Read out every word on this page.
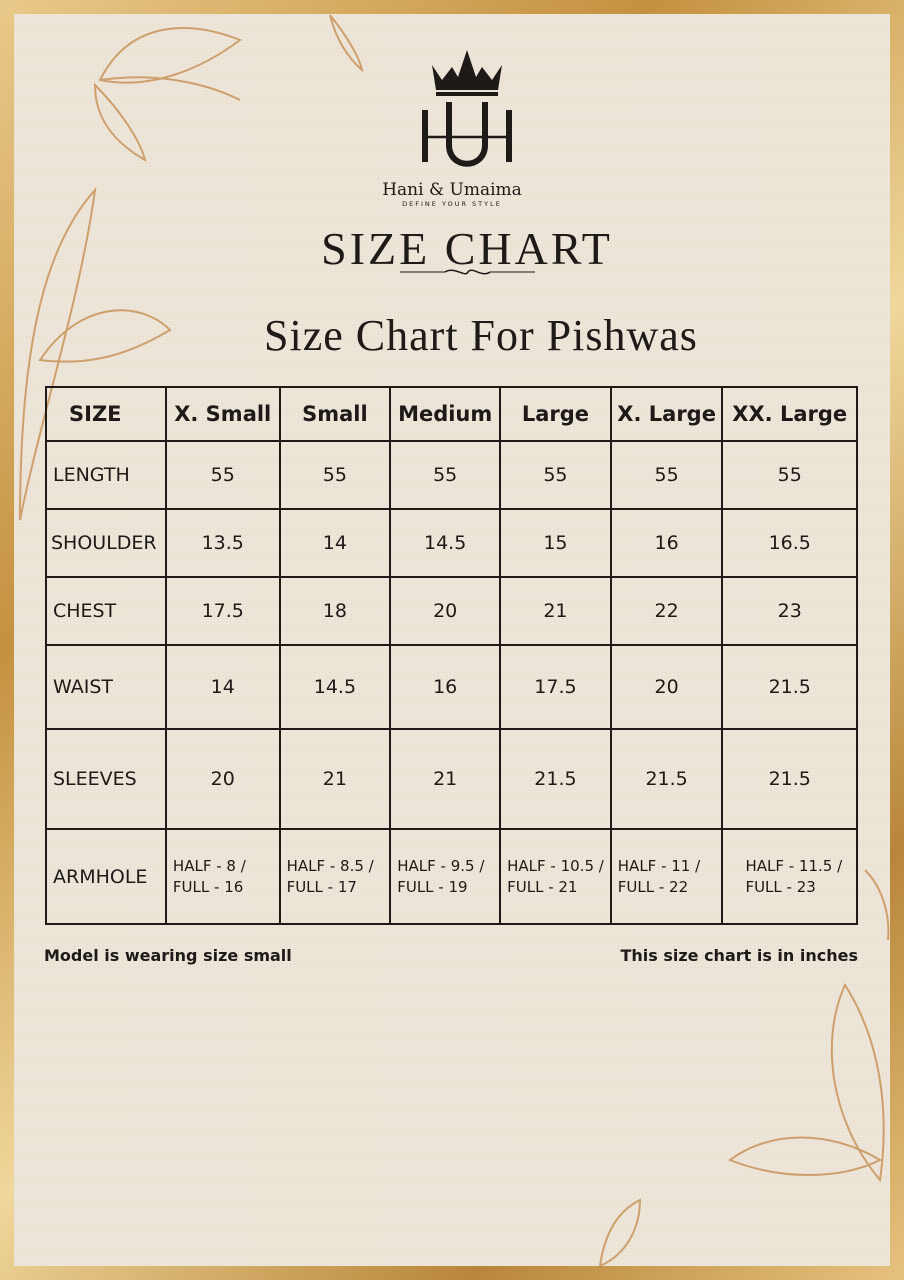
Hani & Umaima
DEFINE YOUR STYLE
SIZE CHART
Size Chart For Pishwas
SIZE	X. Small	Small	Medium	Large	X. Large	XX. Large
LENGTH	55	55	55	55	55	55
SHOULDER	13.5	14	14.5	15	16	16.5
CHEST	17.5	18	20	21	22	23
WAIST	14	14.5	16	17.5	20	21.5
SLEEVES	20	21	21	21.5	21.5	21.5
ARMHOLE	HALF - 8 / FULL - 16	HALF - 8.5 / FULL - 17	HALF - 9.5 / FULL - 19	HALF - 10.5 / FULL - 21	HALF - 11 / FULL - 22	HALF - 11.5 / FULL - 23
Model is wearing size small	This size chart is in inches
